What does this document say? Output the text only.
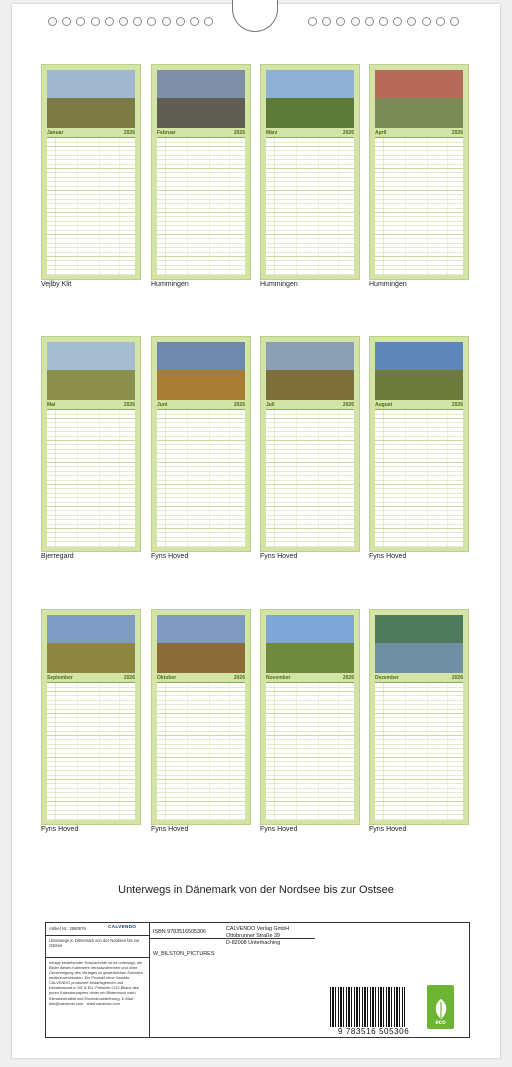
Januar	2026	Februar	2026	März	2026	April	2026
Mai	2026	Juni	2026	Juli	2026	August	2026
September	2026	Oktober	2026	November	2026	Dezember	2026
Vejlby Klit	Hummingen	Hummingen	Hummingen
Bjerregard	Fyns Hoved	Fyns Hoved	Fyns Hoved
Fyns Hoved	Fyns Hoved	Fyns Hoved	Fyns Hoved
Unterwegs in Dänemark von der Nordsee bis zur Ostsee
Artikel Nr.: 2580876	CALVENDO
Unterwegs in Dänemark von der Nordsee bis zur Ostsee
Infolge bestehender Schutzrechte ist es untersagt, die Bilder dieses Kalenders herauszutrennen und ohne Genehmigung des Verlages zu gewerblichen Zwecken weiterzuverwenden. Ein Produkt ohne Gewähr. CALVENDO produziert bedarfsgerecht und klimabewusst in DE & EU. Preisinfo CO2-Bilanz des puren Kalenderpapiers hinter ein Bilderdruck nach Klimaneutralität und Einzeldrucklieferung. E-Mail: info@calvendo.com · www.calvendo.com
ISBN 9783516505306
W_BILSTON_PICTURES
CALVENDO Verlag GmbH
Ottobrunner Straße 39
D-82008 Unterhaching
9 783516 505306
eco
